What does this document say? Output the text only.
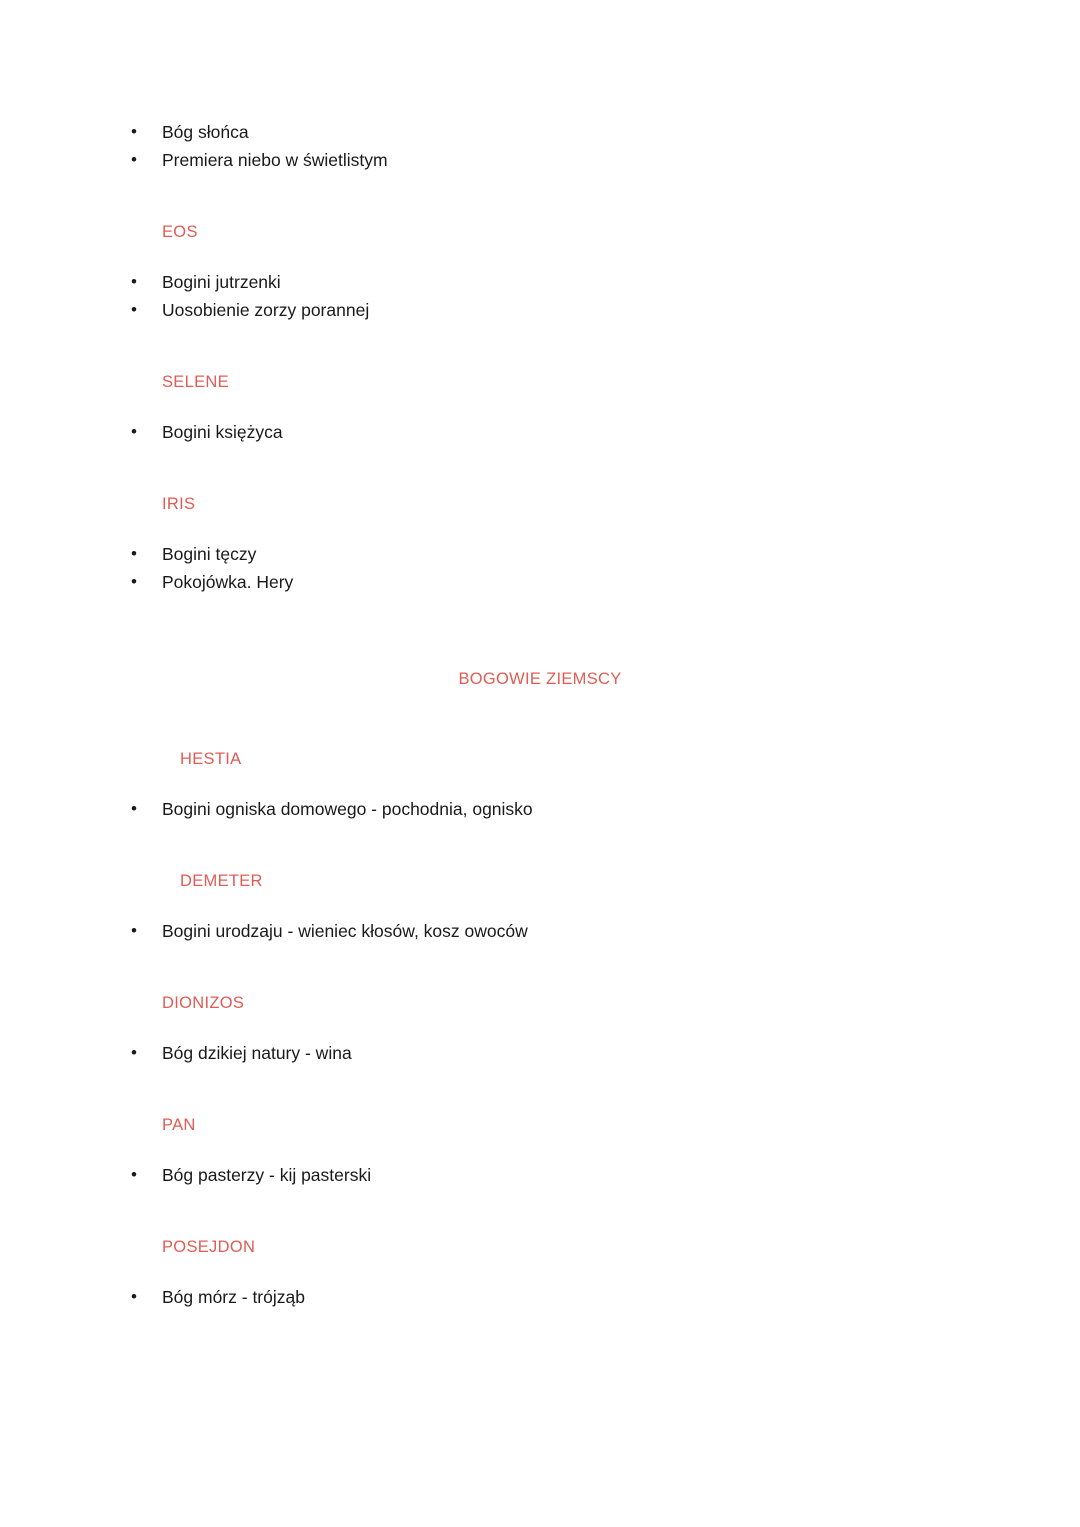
• Bóg słońca
• Premiera niebo w świetlistym
EOS
• Bogini jutrzenki
• Uosobienie zorzy porannej
SELENE
• Bogini księżyca
IRIS
• Bogini tęczy
• Pokojówka. Hery
BOGOWIE ZIEMSCY
HESTIA
• Bogini ogniska domowego - pochodnia, ognisko
DEMETER
• Bogini urodzaju - wieniec kłosów, kosz owoców
DIONIZOS
• Bóg dzikiej natury - wina
PAN
• Bóg pasterzy - kij pasterski
POSEJDON
• Bóg mórz - trójząb
